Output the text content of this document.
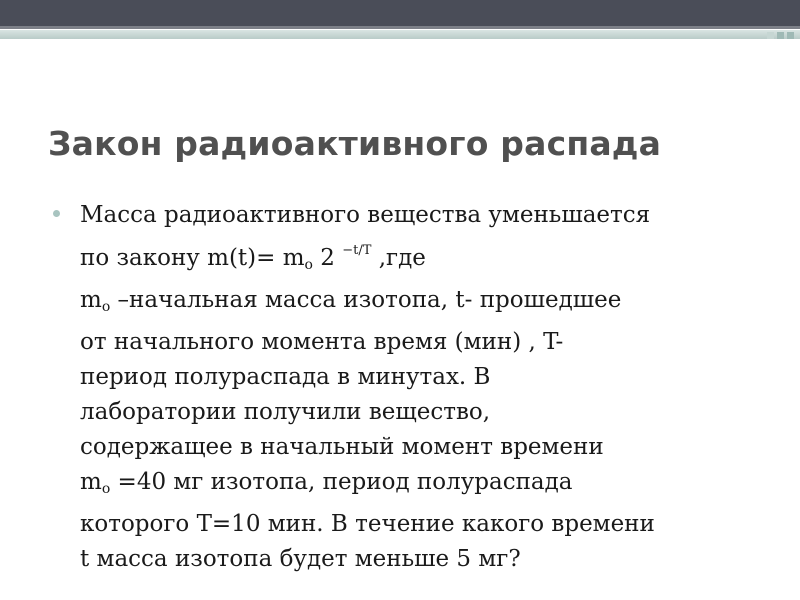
Закон радиоактивного распада
Масса радиоактивного вещества уменьшается
по закону $m(t)= m_o$ 2 $^{-t/T}$ ,где
$m_o$ –начальная масса изотопа, t- прошедшее
от начального момента время (мин) , T-
период полураспада в минутах. В
лаборатории получили вещество,
содержащее в начальный момент времени
$m_o =40$ мг изотопа, период полураспада
которого T=10 мин. В течение какого времени
t масса изотопа будет меньше 5 мг?
